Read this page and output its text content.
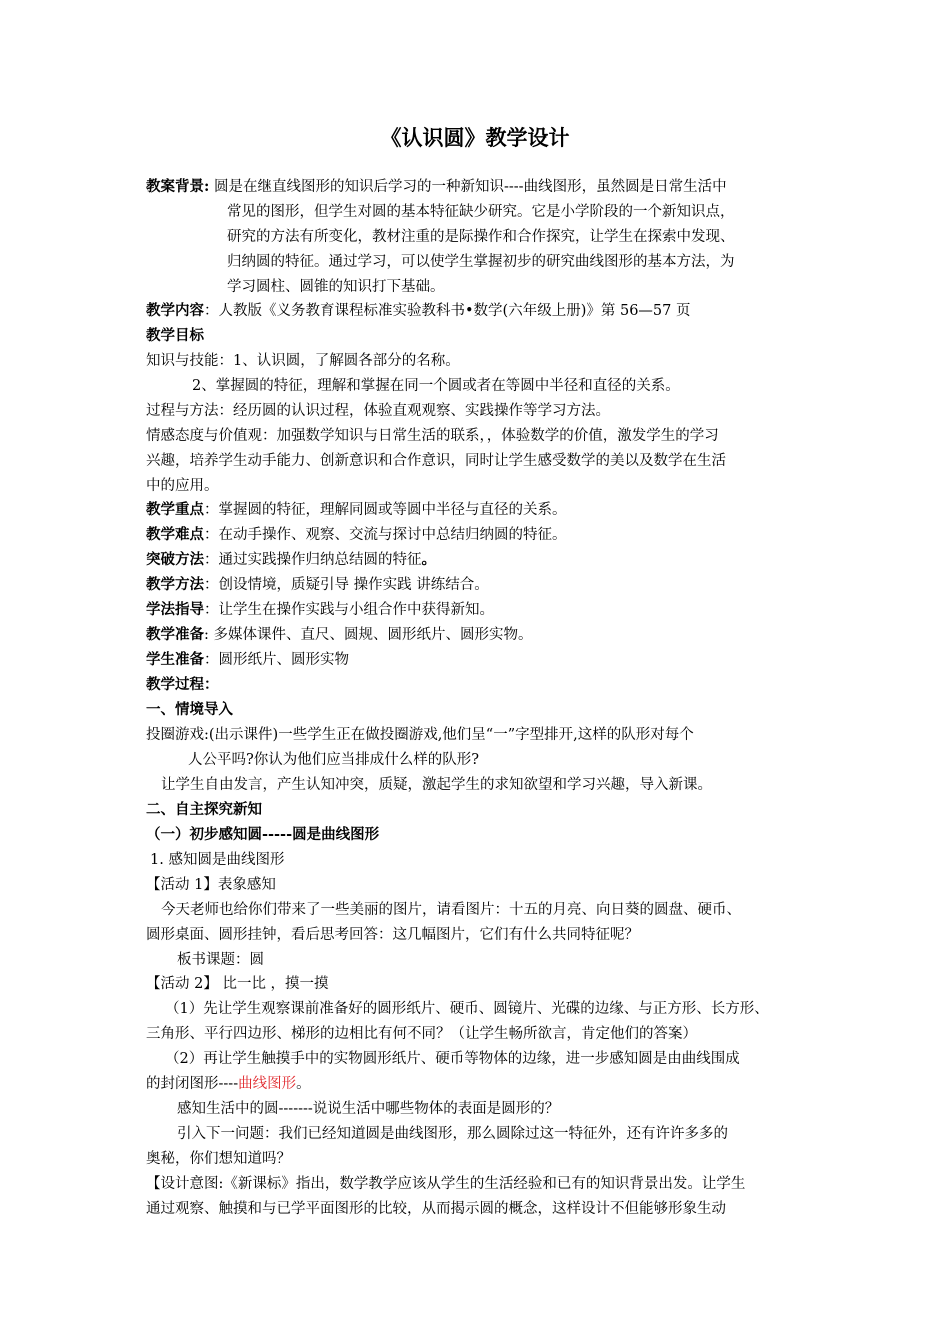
《认识圆》教学设计
教案背景: 圆是在继直线图形的知识后学习的一种新知识----曲线图形，虽然圆是日常生活中
常见的图形，但学生对圆的基本特征缺少研究。它是小学阶段的一个新知识点，
研究的方法有所变化，教材注重的是际操作和合作探究，让学生在探索中发现、
归纳圆的特征。通过学习，可以使学生掌握初步的研究曲线图形的基本方法，为
学习圆柱、圆锥的知识打下基础。
教学内容：人教版《义务教育课程标准实验教科书•数学(六年级上册)》第 56—57 页
教学目标
知识与技能：1、认识圆，了解圆各部分的名称。
2、掌握圆的特征，理解和掌握在同一个圆或者在等圆中半径和直径的关系。
过程与方法：经历圆的认识过程，体验直观观察、实践操作等学习方法。
情感态度与价值观：加强数学知识与日常生活的联系，，体验数学的价值，激发学生的学习
兴趣，培养学生动手能力、创新意识和合作意识，同时让学生感受数学的美以及数学在生活
中的应用。
教学重点：掌握圆的特征，理解同圆或等圆中半径与直径的关系。
教学难点：在动手操作、观察、交流与探讨中总结归纳圆的特征。
突破方法：通过实践操作归纳总结圆的特征。
教学方法：创设情境，质疑引导 操作实践 讲练结合。
学法指导：让学生在操作实践与小组合作中获得新知。
教学准备: 多媒体课件、直尺、圆规、圆形纸片、圆形实物。
学生准备：圆形纸片、圆形实物
教学过程：
一、情境导入
投圈游戏:(出示课件)一些学生正在做投圈游戏,他们呈“一”字型排开,这样的队形对每个
人公平吗?你认为他们应当排成什么样的队形?
让学生自由发言，产生认知冲突，质疑，激起学生的求知欲望和学习兴趣，导入新课。
二、自主探究新知
（一）初步感知圆-----圆是曲线图形
1. 感知圆是曲线图形
【活动 1】表象感知
今天老师也给你们带来了一些美丽的图片，请看图片：十五的月亮、向日葵的圆盘、硬币、
圆形桌面、圆形挂钟，看后思考回答：这几幅图片，它们有什么共同特征呢？
板书课题：圆
【活动 2】 比一比 ，摸一摸
（1）先让学生观察课前准备好的圆形纸片、硬币、圆镜片、光碟的边缘、与正方形、长方形、
三角形、平行四边形、梯形的边相比有何不同？（让学生畅所欲言，肯定他们的答案）
（2）再让学生触摸手中的实物圆形纸片、硬币等物体的边缘，进一步感知圆是由曲线围成
的封闭图形----曲线图形。
感知生活中的圆-------说说生活中哪些物体的表面是圆形的？
引入下一问题：我们已经知道圆是曲线图形，那么圆除过这一特征外，还有许许多多的
奥秘，你们想知道吗？
【设计意图:《新课标》指出，数学教学应该从学生的生活经验和已有的知识背景出发。让学生
通过观察、触摸和与已学平面图形的比较，从而揭示圆的概念，这样设计不但能够形象生动
